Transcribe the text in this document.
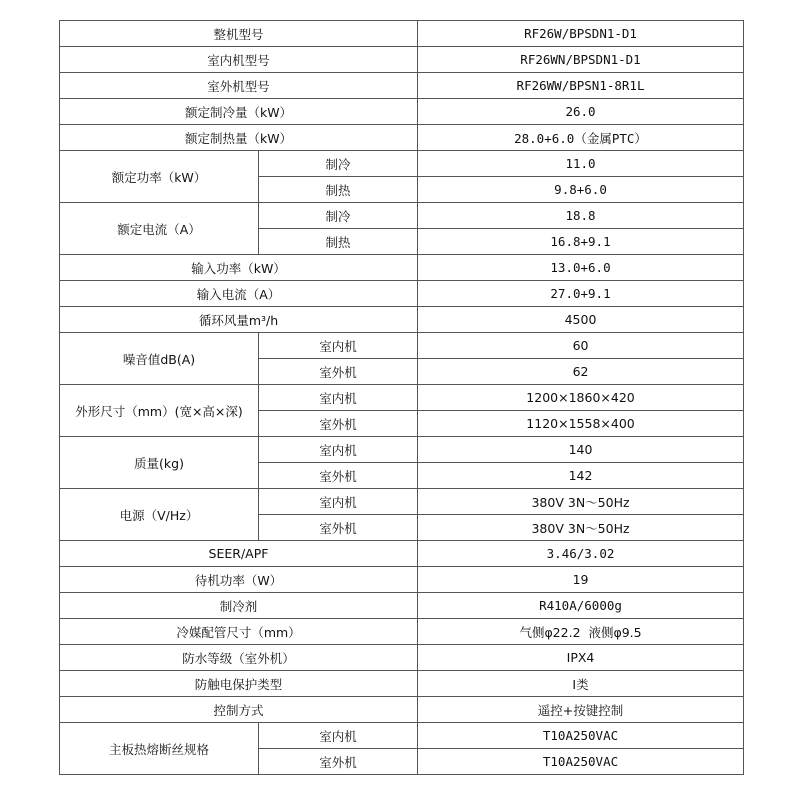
整机型号		RF26W/BPSDN1-D1
室内机型号		RF26WN/BPSDN1-D1
室外机型号		RF26WW/BPSN1-8R1L
额定制冷量（kW）		26.0
额定制热量（kW）		28.0+6.0（金属PTC）
额定功率（kW）	制冷	11.0
	制热	9.8+6.0
额定电流（A）	制冷	18.8
	制热	16.8+9.1
输入功率（kW）		13.0+6.0
输入电流（A）		27.0+9.1
循环风量m³/h		4500
噪音值dB(A)	室内机	60
	室外机	62
外形尺寸（mm）(宽×高×深)	室内机	1200×1860×420
	室外机	1120×1558×400
质量(kg)	室内机	140
	室外机	142
电源（V/Hz）	室内机	380V 3N～50Hz
	室外机	380V 3N～50Hz
SEER/APF		3.46/3.02
待机功率（W）		19
制冷剂		R410A/6000g
冷媒配管尺寸（mm）		气侧φ22.2  液侧φ9.5
防水等级（室外机）		IPX4
防触电保护类型		Ⅰ类
控制方式		遥控+按键控制
主板热熔断丝规格	室内机	T10A250VAC
	室外机	T10A250VAC
